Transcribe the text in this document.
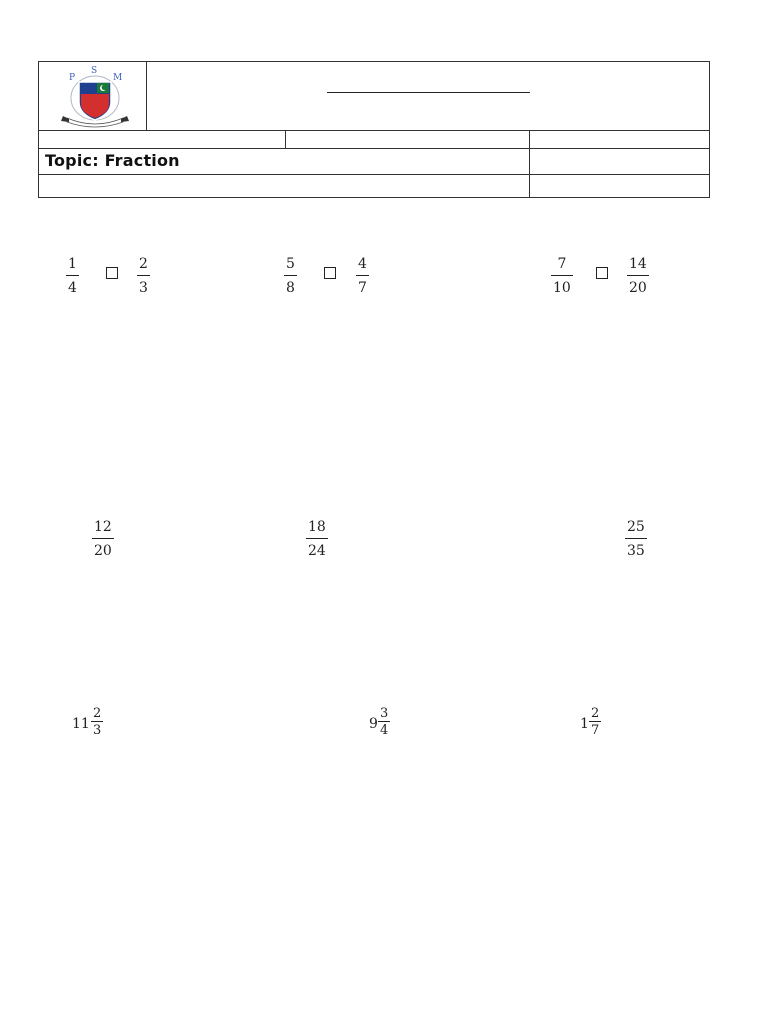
P
S
M
Topic: Fraction
1
4
2
3
5
8
4
7
7
10
14
20
12
20
18
24
25
35
11
2
3	9
3
4	1
2
7
